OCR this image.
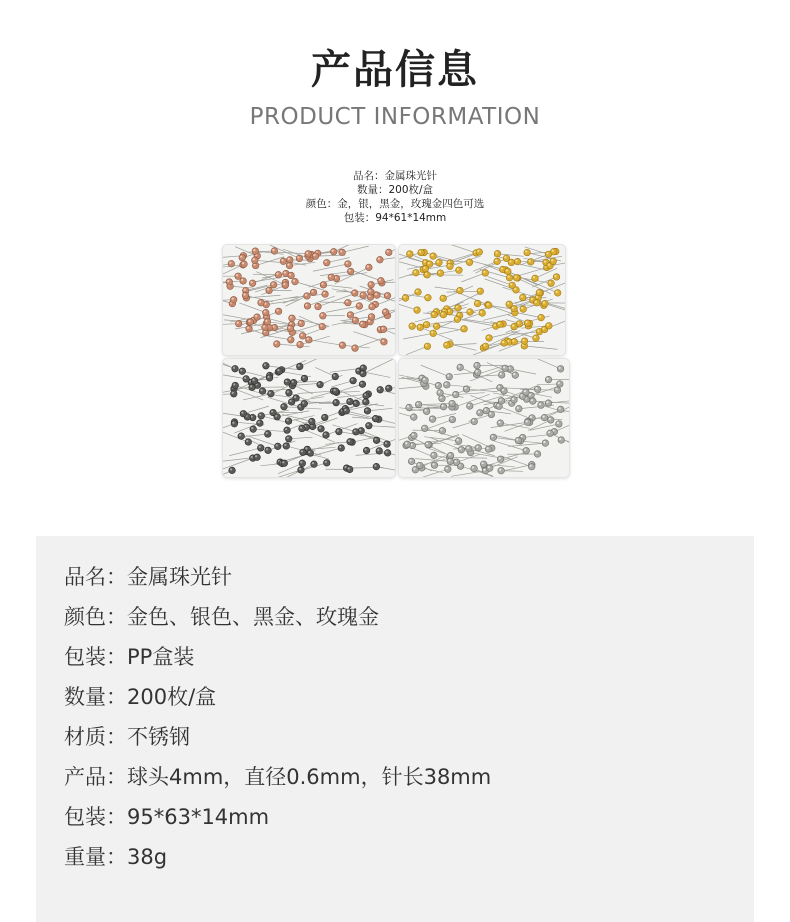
产品信息
PRODUCT INFORMATION
品名：金属珠光针
数量：200枚/盒
颜色：金，银，黑金，玫瑰金四色可选
包装：94*61*14mm
品名：金属珠光针
颜色：金色、银色、黑金、玫瑰金
包装：PP盒装
数量：200枚/盒
材质：不锈钢
产品：球头4mm，直径0.6mm，针长38mm
包装：95*63*14mm
重量：38g
